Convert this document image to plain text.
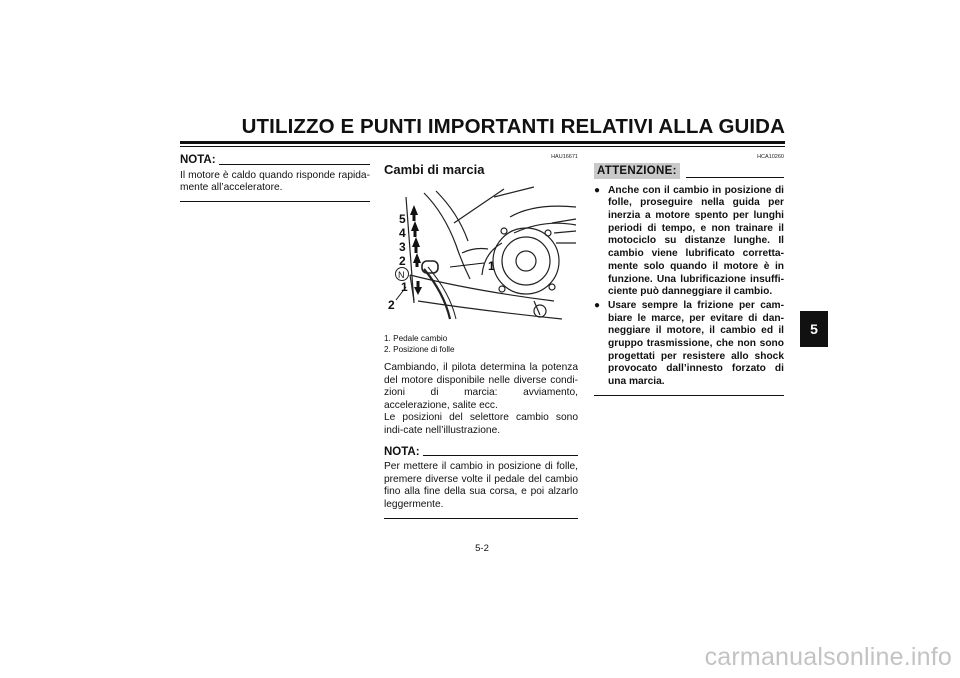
UTILIZZO E PUNTI IMPORTANTI RELATIVI ALLA GUIDA
5
NOTA:

Il motore è caldo quando risponde rapida-mente all’acceleratore.

HAU16671
Cambi di marcia
5
4
3
2
N
1
1
2
1. Pedale cambio
2. Posizione di folle

Cambiando, il pilota determina la potenza del motore disponibile nelle diverse condi-zioni di marcia: avviamento, accelerazione, salite ecc.
Le posizioni del selettore cambio sono indi-cate nell’illustrazione.

NOTA:

Per mettere il cambio in posizione di folle, premere diverse volte il pedale del cambio fino alla fine della sua corsa, e poi alzarlo leggermente.

HCA10260
ATTENZIONE:
● Anche con il cambio in posizione di folle, proseguire nella guida per inerzia a motore spento per lunghi periodi di tempo, e non trainare il motociclo su distanze lunghe. Il cambio viene lubrificato corretta-mente solo quando il motore è in funzione. Una lubrificazione insuffi-ciente può danneggiare il cambio.
● Usare sempre la frizione per cam-biare le marce, per evitare di dan-neggiare il motore, il cambio ed il gruppo trasmissione, che non sono progettati per resistere allo shock provocato dall’innesto forzato di una marcia.
5-2
carmanualsonline.info
